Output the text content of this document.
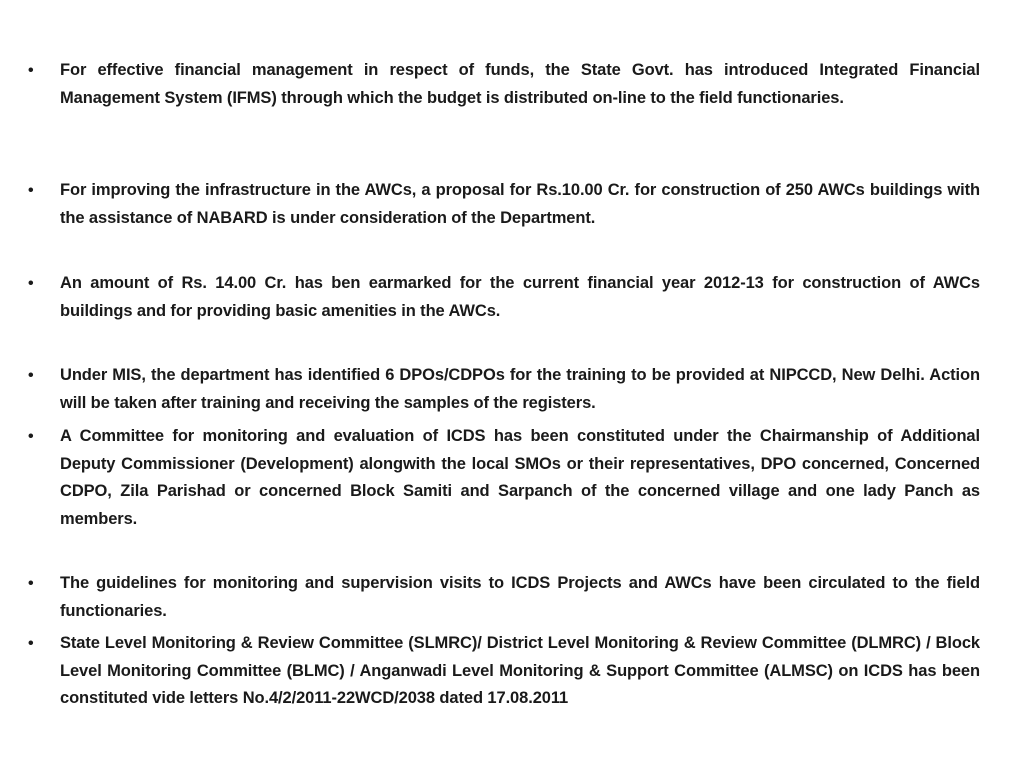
• For effective financial management in respect of funds, the State Govt. has introduced Integrated Financial Management System (IFMS) through which the budget is distributed on-line to the field functionaries.
• For improving the infrastructure in the AWCs, a proposal for Rs.10.00 Cr. for construction of 250 AWCs buildings with the assistance of NABARD is under consideration of the Department.
• An amount of Rs. 14.00 Cr. has ben earmarked for the current financial year 2012-13 for construction of AWCs buildings and for providing basic amenities in the AWCs.
• Under MIS, the department has identified 6 DPOs/CDPOs for the training to be provided at NIPCCD, New Delhi. Action will be taken after training and receiving the samples of the registers.
• A Committee for monitoring and evaluation of ICDS has been constituted under the Chairmanship of Additional Deputy Commissioner (Development) alongwith the local SMOs or their representatives, DPO concerned, Concerned CDPO, Zila Parishad or concerned Block Samiti and Sarpanch of the concerned village and one lady Panch as members.
• The guidelines for monitoring and supervision visits to ICDS Projects and AWCs have been circulated to the field functionaries.
• State Level Monitoring & Review Committee (SLMRC)/ District Level Monitoring & Review Committee (DLMRC) / Block Level Monitoring Committee (BLMC) / Anganwadi Level Monitoring & Support Committee (ALMSC) on ICDS has been constituted vide letters No.4/2/2011-22WCD/2038 dated 17.08.2011
